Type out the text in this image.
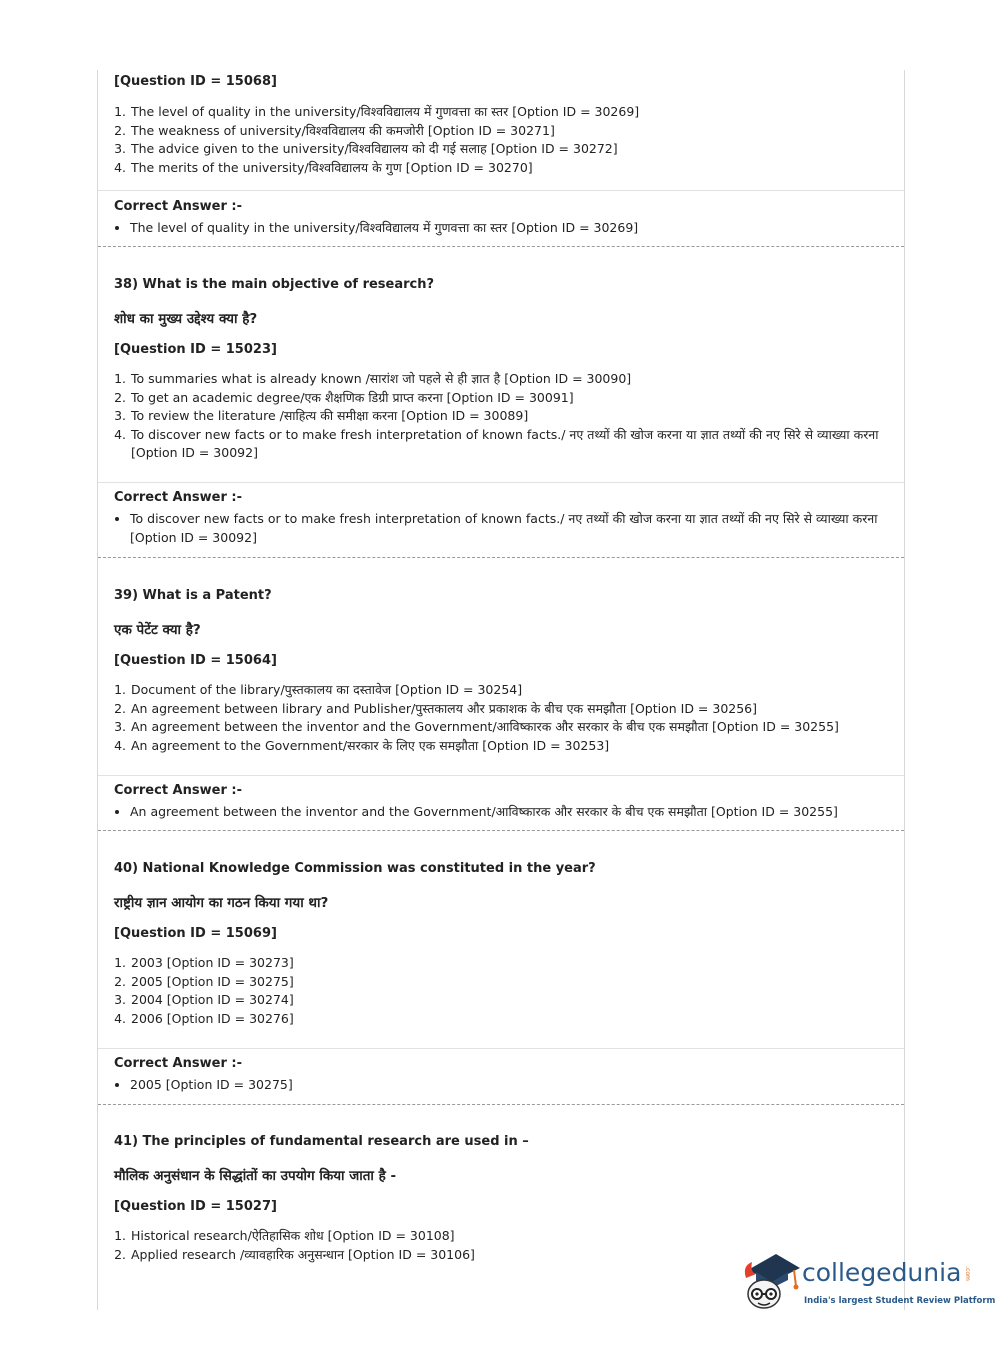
[Question ID = 15068]
1. The level of quality in the university/विश्वविद्यालय में गुणवत्ता का स्तर [Option ID = 30269]
2. The weakness of university/विश्वविद्यालय की कमजोरी [Option ID = 30271]
3. The advice given to the university/विश्वविद्यालय को दी गई सलाह [Option ID = 30272]
4. The merits of the university/विश्वविद्यालय के गुण [Option ID = 30270]
Correct Answer :-
• The level of quality in the university/विश्वविद्यालय में गुणवत्ता का स्तर [Option ID = 30269]
38) What is the main objective of research?
शोध का मुख्य उद्देश्य क्या है?
[Question ID = 15023]
1. To summaries what is already known /सारांश जो पहले से ही ज्ञात है [Option ID = 30090]
2. To get an academic degree/एक शैक्षणिक डिग्री प्राप्त करना [Option ID = 30091]
3. To review the literature /साहित्य की समीक्षा करना [Option ID = 30089]
4. To discover new facts or to make fresh interpretation of known facts./ नए तथ्यों की खोज करना या ज्ञात तथ्यों की नए सिरे से व्याख्या करना [Option ID = 30092]
Correct Answer :-
• To discover new facts or to make fresh interpretation of known facts./ नए तथ्यों की खोज करना या ज्ञात तथ्यों की नए सिरे से व्याख्या करना [Option ID = 30092]
39) What is a Patent?
एक पेटेंट क्या है?
[Question ID = 15064]
1. Document of the library/पुस्तकालय का दस्तावेज [Option ID = 30254]
2. An agreement between library and Publisher/पुस्तकालय और प्रकाशक के बीच एक समझौता [Option ID = 30256]
3. An agreement between the inventor and the Government/आविष्कारक और सरकार के बीच एक समझौता [Option ID = 30255]
4. An agreement to the Government/सरकार के लिए एक समझौता [Option ID = 30253]
Correct Answer :-
• An agreement between the inventor and the Government/आविष्कारक और सरकार के बीच एक समझौता [Option ID = 30255]
40) National Knowledge Commission was constituted in the year?
राष्ट्रीय ज्ञान आयोग का गठन किया गया था?
[Question ID = 15069]
1. 2003 [Option ID = 30273]
2. 2005 [Option ID = 30275]
3. 2004 [Option ID = 30274]
4. 2006 [Option ID = 30276]
Correct Answer :-
• 2005 [Option ID = 30275]
41) The principles of fundamental research are used in –
मौलिक अनुसंधान के सिद्धांतों का उपयोग किया जाता है -
[Question ID = 15027]
1. Historical research/ऐतिहासिक शोध [Option ID = 30108]
2. Applied research /व्यावहारिक अनुसन्धान [Option ID = 30106]
collegedunia .com
India's largest Student Review Platform
